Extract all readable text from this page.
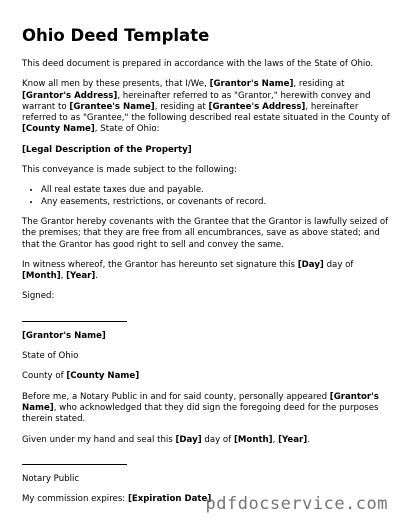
Ohio Deed Template

This deed document is prepared in accordance with the laws of the State of Ohio.

Know all men by these presents, that I/We, [Grantor's Name], residing at [Grantor's Address], hereinafter referred to as "Grantor," herewith convey and warrant to [Grantee's Name], residing at [Grantee's Address], hereinafter referred to as "Grantee," the following described real estate situated in the County of [County Name], State of Ohio:

[Legal Description of the Property]

This conveyance is made subject to the following:

• All real estate taxes due and payable.
• Any easements, restrictions, or covenants of record.

The Grantor hereby covenants with the Grantee that the Grantor is lawfully seized of the premises; that they are free from all encumbrances, save as above stated; and that the Grantor has good right to sell and convey the same.

In witness whereof, the Grantor has hereunto set signature this [Day] day of [Month], [Year].

Signed:

[Grantor's Name]

State of Ohio

County of [County Name]

Before me, a Notary Public in and for said county, personally appeared [Grantor's Name], who acknowledged that they did sign the foregoing deed for the purposes therein stated.

Given under my hand and seal this [Day] day of [Month], [Year].

Notary Public

My commission expires: [Expiration Date]

pdfdocservice.com
